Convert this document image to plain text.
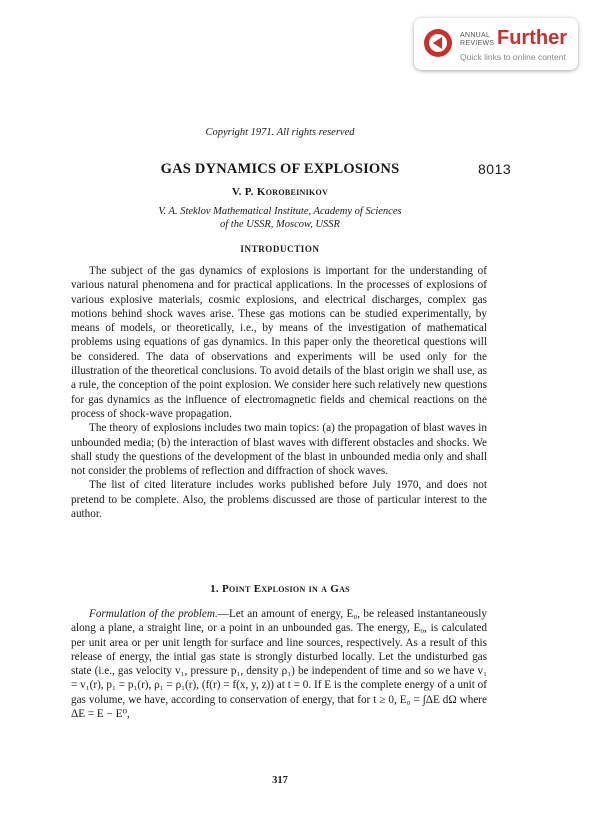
ANNUAL
REVIEWS Further
Quick links to online content
Copyright 1971. All rights reserved
GAS DYNAMICS OF EXPLOSIONS	8013
V. P. Korobeinikov
V. A. Steklov Mathematical Institute, Academy of Sciences
of the USSR, Moscow, USSR
INTRODUCTION

The subject of the gas dynamics of explosions is important for the understanding of various natural phenomena and for practical applications. In the processes of explosions of various explosive materials, cosmic explosions, and electrical discharges, complex gas motions behind shock waves arise. These gas motions can be studied experimentally, by means of models, or theoretically, i.e., by means of the investigation of mathematical problems using equations of gas dynamics. In this paper only the theoretical questions will be considered. The data of observations and experiments will be used only for the illustration of the theoretical conclusions. To avoid details of the blast origin we shall use, as a rule, the conception of the point explosion. We consider here such relatively new questions for gas dynamics as the influence of electromagnetic fields and chemical reactions on the process of shock-wave propagation.

The theory of explosions includes two main topics: (a) the propagation of blast waves in unbounded media; (b) the interaction of blast waves with different obstacles and shocks. We shall study the questions of the development of the blast in unbounded media only and shall not consider the problems of reflection and diffraction of shock waves.

The list of cited literature includes works published before July 1970, and does not pretend to be complete. Also, the problems discussed are those of particular interest to the author.

1. Point Explosion in a Gas

Formulation of the problem.—Let an amount of energy, E₀, be released instantaneously along a plane, a straight line, or a point in an unbounded gas. The energy, E₀, is calculated per unit area or per unit length for surface and line sources, respectively. As a result of this release of energy, the intial gas state is strongly disturbed locally. Let the undisturbed gas state (i.e., gas velocity v₁, pressure p₁, density ρ₁) be independent of time and so we have v₁ = v₁(r), p₁ = p₁(r), ρ₁ = ρ₁(r), (f(r) = f(x, y, z)) at t = 0. If E is the complete energy of a unit of gas volume, we have, according to conservation of energy, that for t ≥ 0, E₀ = ∫ΔE dΩ where ΔE = E − E⁰,

317
